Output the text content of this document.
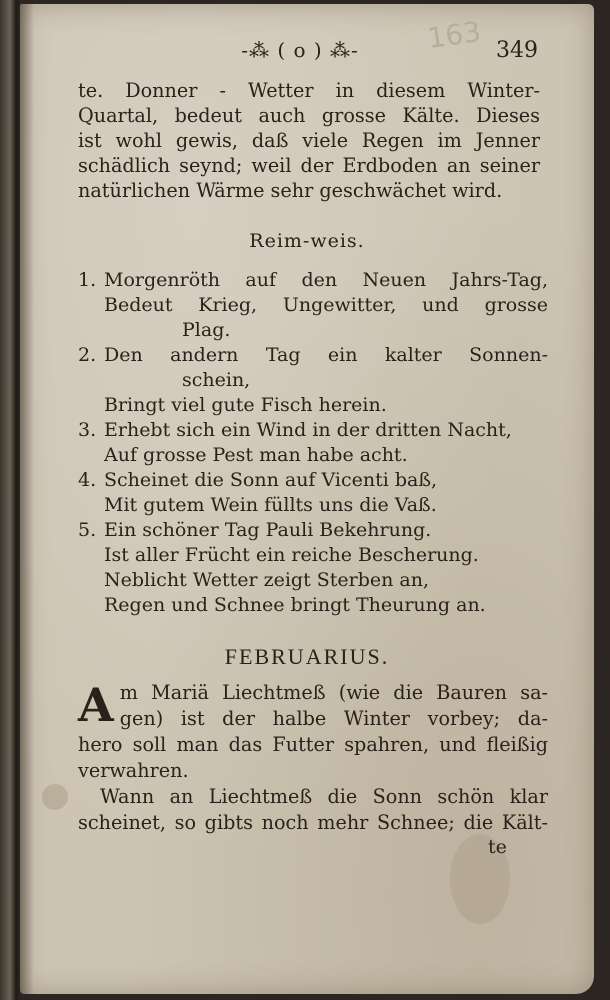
-⁂ ( o ) ⁂-	163 349
te. Donner - Wetter in diesem Winter-
Quartal, bedeut auch grosse Kälte. Dieses
ist wohl gewis, daß viele Regen im Jenner
schädlich seynd; weil der Erdboden an seiner
natürlichen Wärme sehr geschwächet wird.
Reim-weis.
1. Morgenröth auf den Neuen Jahrs-Tag,
Bedeut Krieg, Ungewitter, und grosse
Plag.
2. Den andern Tag ein kalter Sonnen-
schein,
Bringt viel gute Fisch herein.
3. Erhebt sich ein Wind in der dritten Nacht,
Auf grosse Pest man habe acht.
4. Scheinet die Sonn auf Vicenti baß,
Mit gutem Wein füllts uns die Vaß.
5. Ein schöner Tag Pauli Bekehrung.
Ist aller Frücht ein reiche Bescherung.
Neblicht Wetter zeigt Sterben an,
Regen und Schnee bringt Theurung an.
FEBRUARIUS.
A m Mariä Liechtmeß (wie die Bauren sa-
gen) ist der halbe Winter vorbey; da-
hero soll man das Futter spahren, und fleißig
verwahren.
Wann an Liechtmeß die Sonn schön klar
scheinet, so gibts noch mehr Schnee; die Kält-
te
